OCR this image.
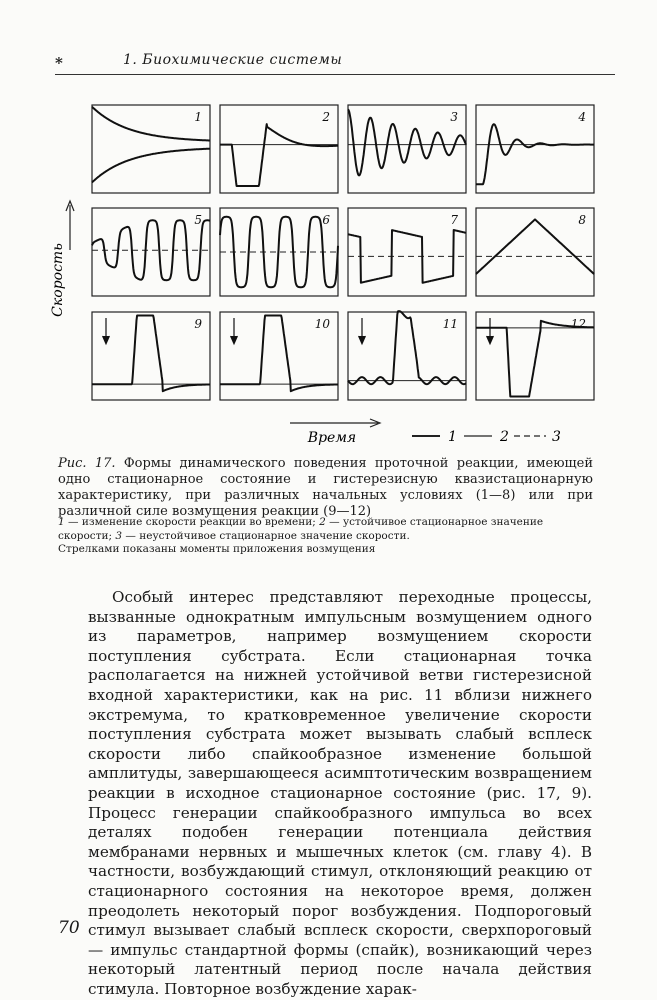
*	1. Биохимические системы
Скорость
1	2	3	4
5	6	7	8
9	10	11	12
Время	1	2	3
Рис. 17. Формы динамического поведения проточной реакции, имеющей одно стационарное состояние и гистерезисную квазистационарную характеристику, при различных начальных условиях (1—8) или при различной силе возмущения реакции (9—12)
1 — изменение скорости реакции во времени; 2 — устойчивое стационарное значение скорости; 3 — неустойчивое стационарное значение скорости.
Стрелками показаны моменты приложения возмущения

Особый интерес представляют переходные процессы, вызванные однократным импульсным возмущением одного из параметров, например возмущением скорости поступления субстрата. Если стационарная точка располагается на нижней устойчивой ветви гистерезисной входной характеристики, как на рис. 11 вблизи нижнего экстремума, то кратковременное увеличение скорости поступления субстрата может вызывать слабый всплеск скорости либо спайкообразное изменение большой амплитуды, завершающееся асимптотическим возвращением реакции в исходное стационарное состояние (рис. 17, 9). Процесс генерации спайкообразного импульса во всех деталях подобен генерации потенциала действия мембранами нервных и мышечных клеток (см. главу 4). В частности, возбуждающий стимул, отклоняющий реакцию от стационарного состояния на некоторое время, должен преодолеть некоторый порог возбуждения. Подпороговый стимул вызывает слабый всплеск скорости, сверхпороговый — импульс стандартной формы (спайк), возникающий через некоторый латентный период после начала действия стимула. Повторное возбуждение харак-

70
